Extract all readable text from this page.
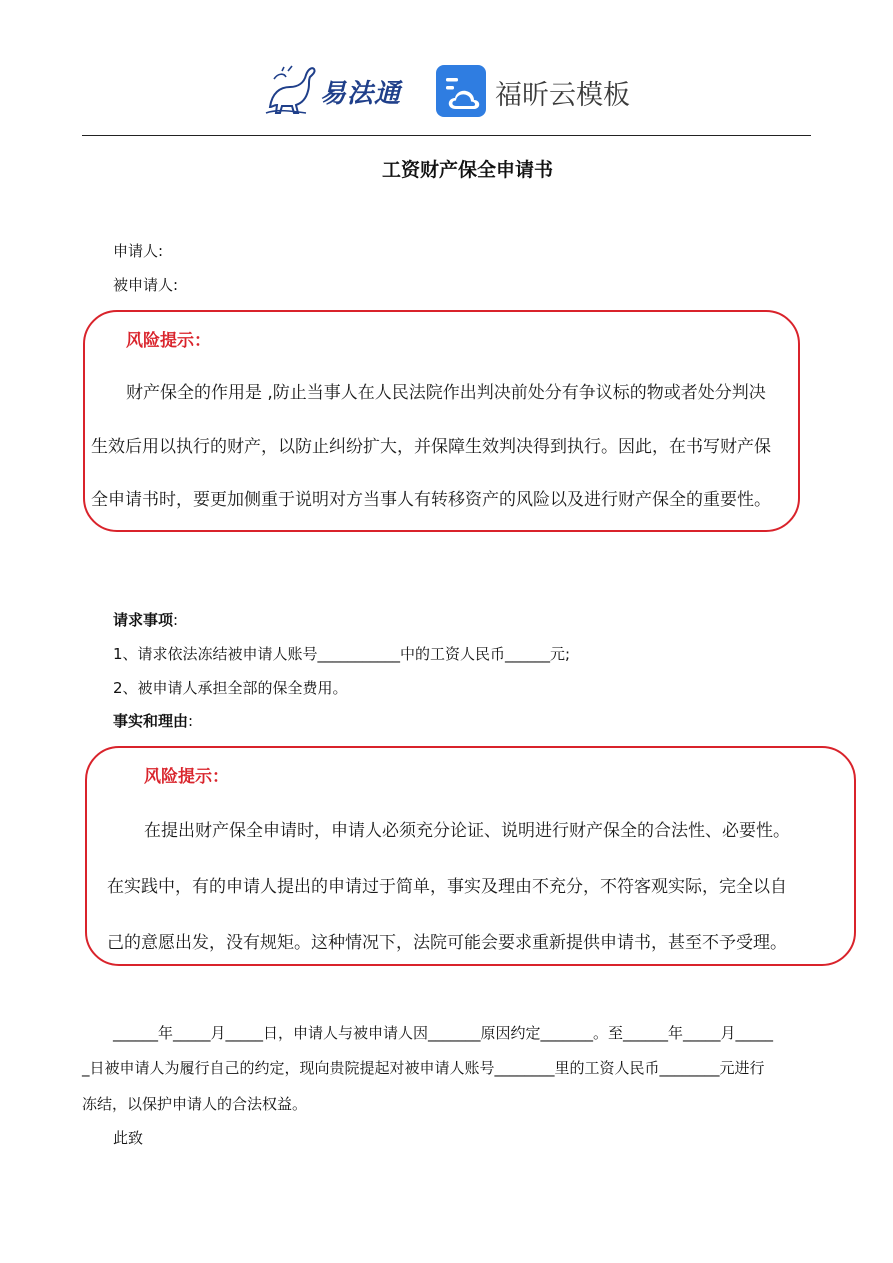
易法通	福昕云模板
工资财产保全申请书
申请人:
被申请人:
风险提示：
财产保全的作用是 ,防止当事人在人民法院作出判决前处分有争议标的物或者处分判决
生效后用以执行的财产，以防止纠纷扩大，并保障生效判决得到执行。因此，在书写财产保
全申请书时，要更加侧重于说明对方当事人有转移资产的风险以及进行财产保全的重要性。
请求事项:
1、请求依法冻结被申请人账号___________中的工资人民币______元;
2、被申请人承担全部的保全费用。
事实和理由:
风险提示：
在提出财产保全申请时，申请人必须充分论证、说明进行财产保全的合法性、必要性。
在实践中，有的申请人提出的申请过于简单，事实及理由不充分，不符客观实际，完全以自
己的意愿出发，没有规矩。这种情况下，法院可能会要求重新提供申请书，甚至不予受理。
______年_____月_____日，申请人与被申请人因_______原因约定_______。至______年_____月_____
_日被申请人为履行自己的约定，现向贵院提起对被申请人账号________里的工资人民币________元进行
冻结，以保护申请人的合法权益。
此致
